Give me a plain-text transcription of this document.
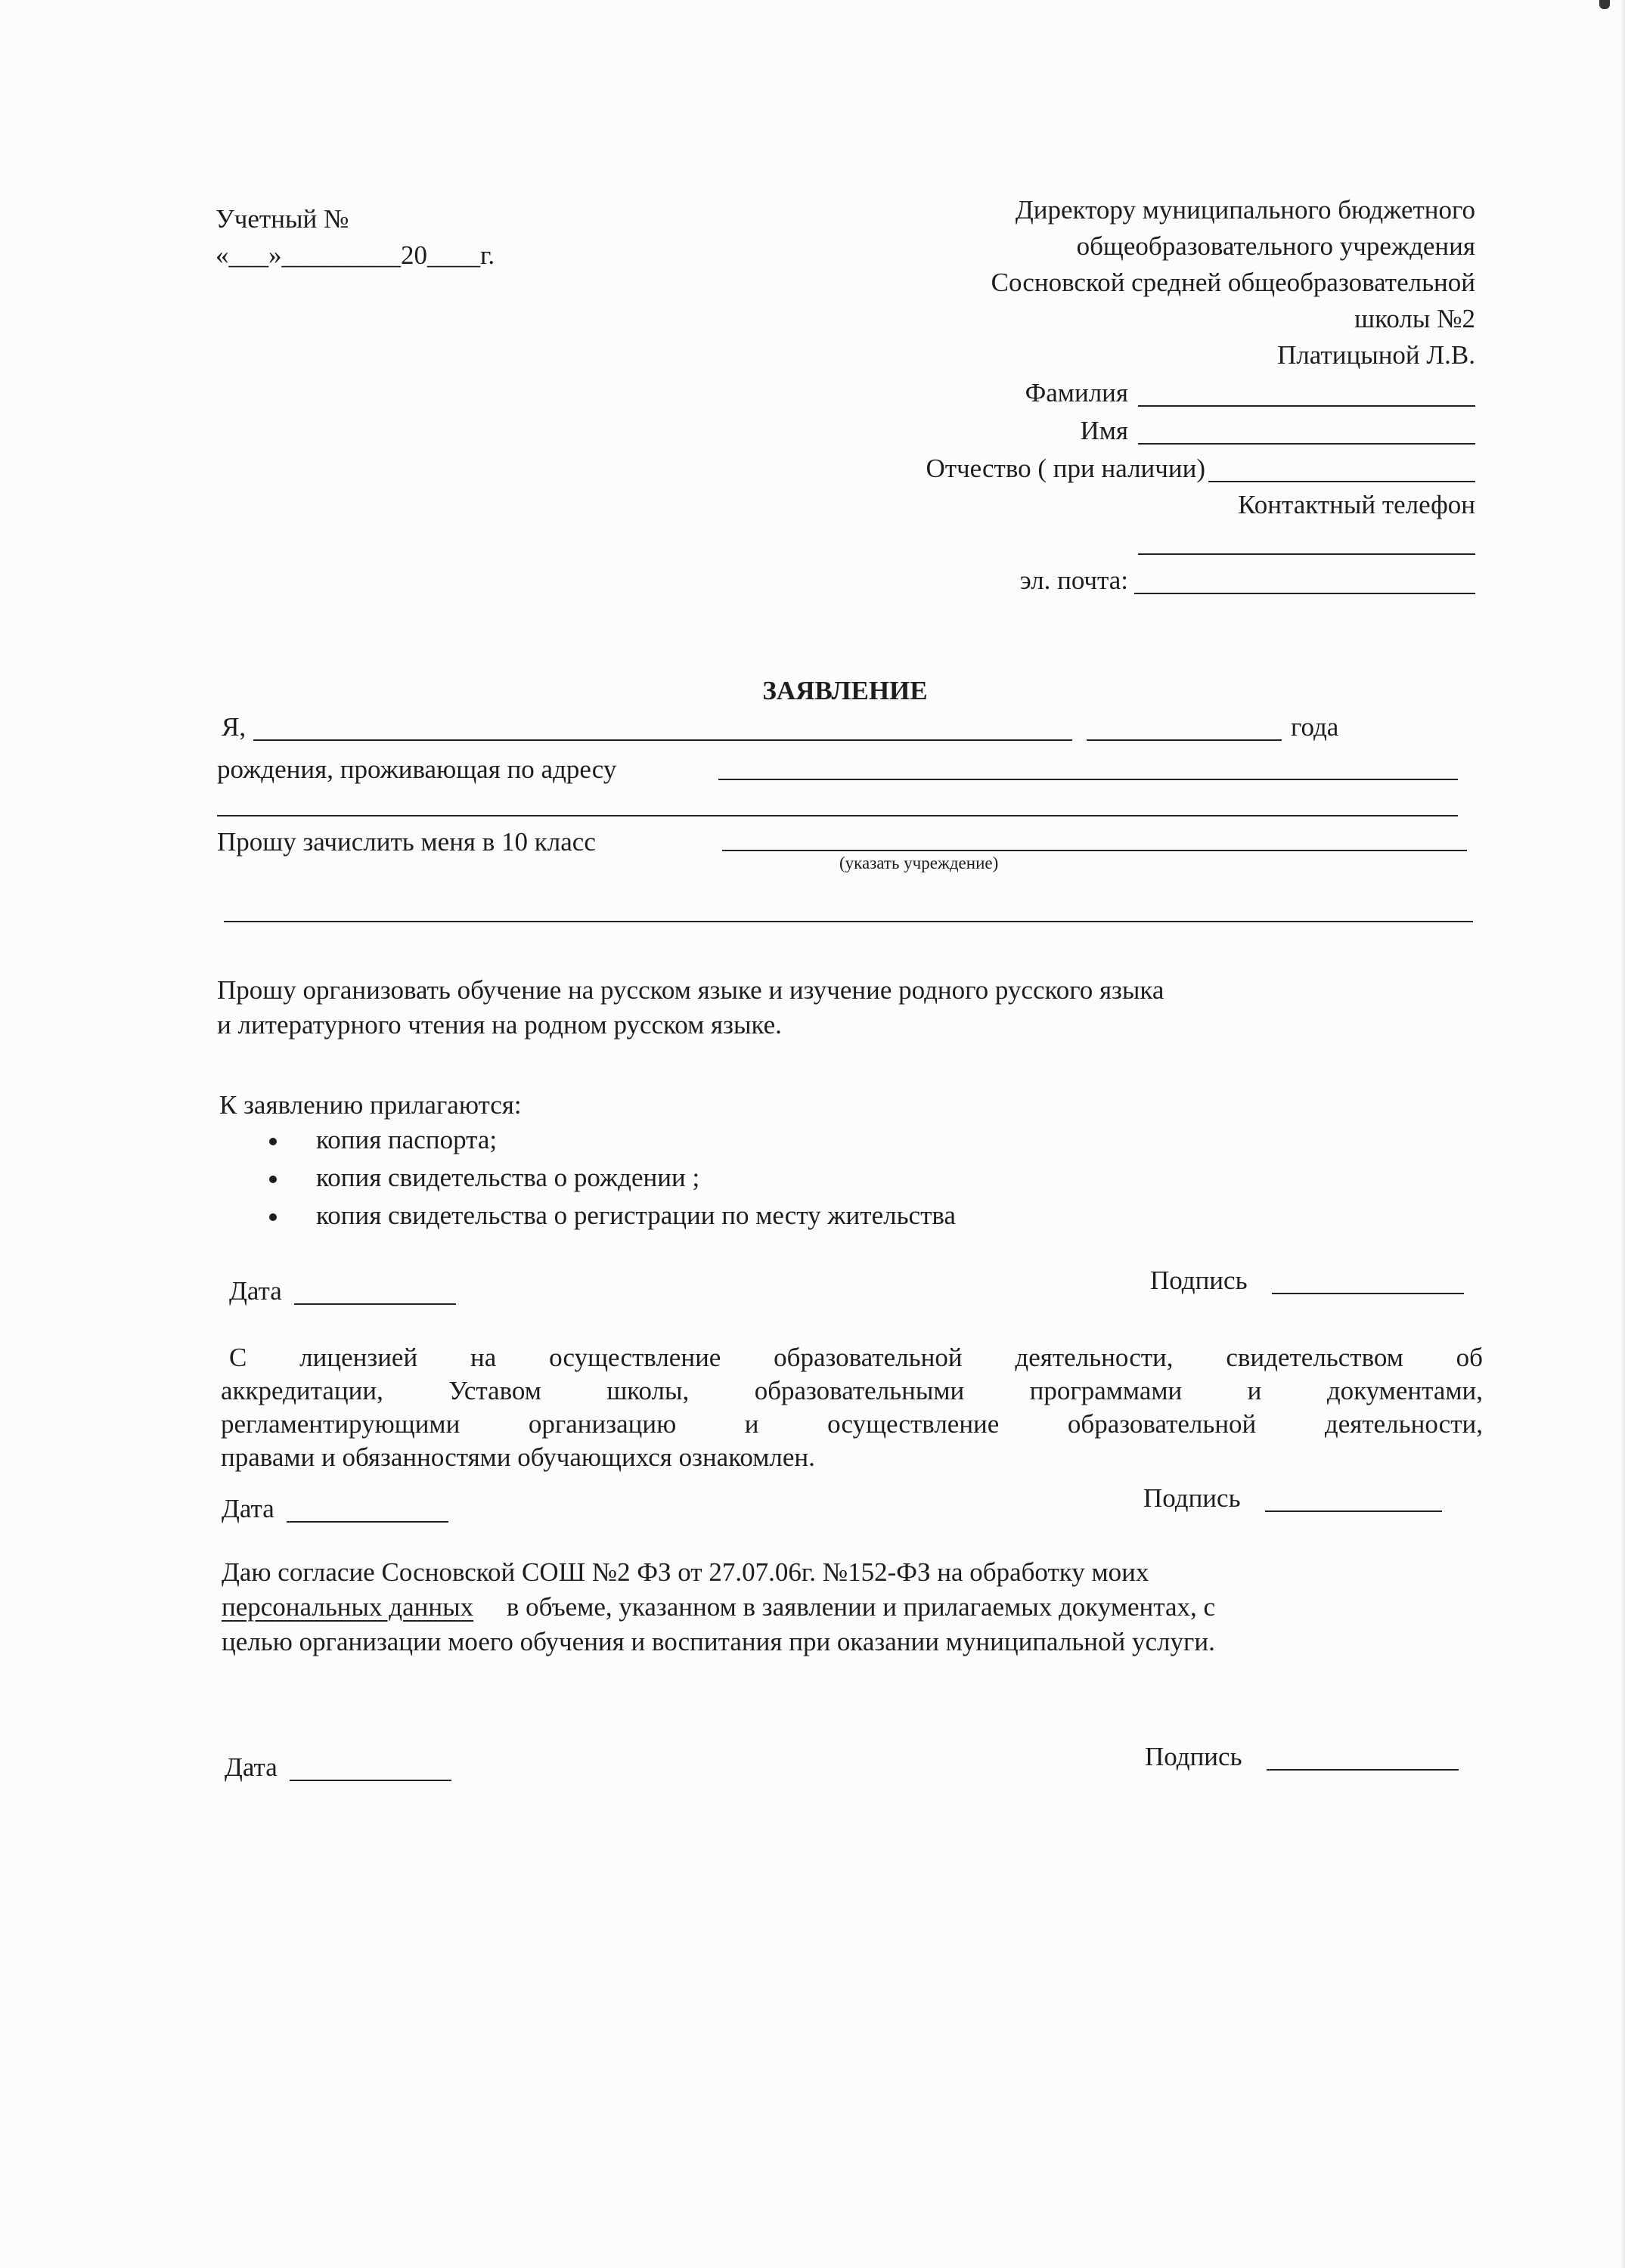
Учетный №
«___»_________20____г.
Директору муниципального бюджетного
общеобразовательного учреждения
Сосновской средней общеобразовательной
школы №2
Платицыной Л.В.
Фамилия
Имя
Отчество ( при наличии)
Контактный телефон
эл. почта:
ЗАЯВЛЕНИЕ
Я,	года
рождения, проживающая по адресу
Прошу зачислить меня в 10 класс
(указать учреждение)
Прошу организовать обучение на русском языке и изучение родного русского языка
и литературного чтения на родном русском языке.
К заявлению прилагаются:
копия паспорта;
копия свидетельства о рождении ;
копия свидетельства о регистрации по месту жительства
Дата	Подпись
С лицензией на осуществление образовательной деятельности, свидетельством об
аккредитации, Уставом школы, образовательными программами и документами,
регламентирующими организацию и осуществление образовательной деятельности,
правами и обязанностями обучающихся ознакомлен.
Дата	Подпись
Даю согласие Сосновской СОШ №2 ФЗ от 27.07.06г. №152-ФЗ на обработку моих
персональных данных в объеме, указанном в заявлении и прилагаемых документах, с
целью организации моего обучения и воспитания при оказании муниципальной услуги.
Дата	Подпись
